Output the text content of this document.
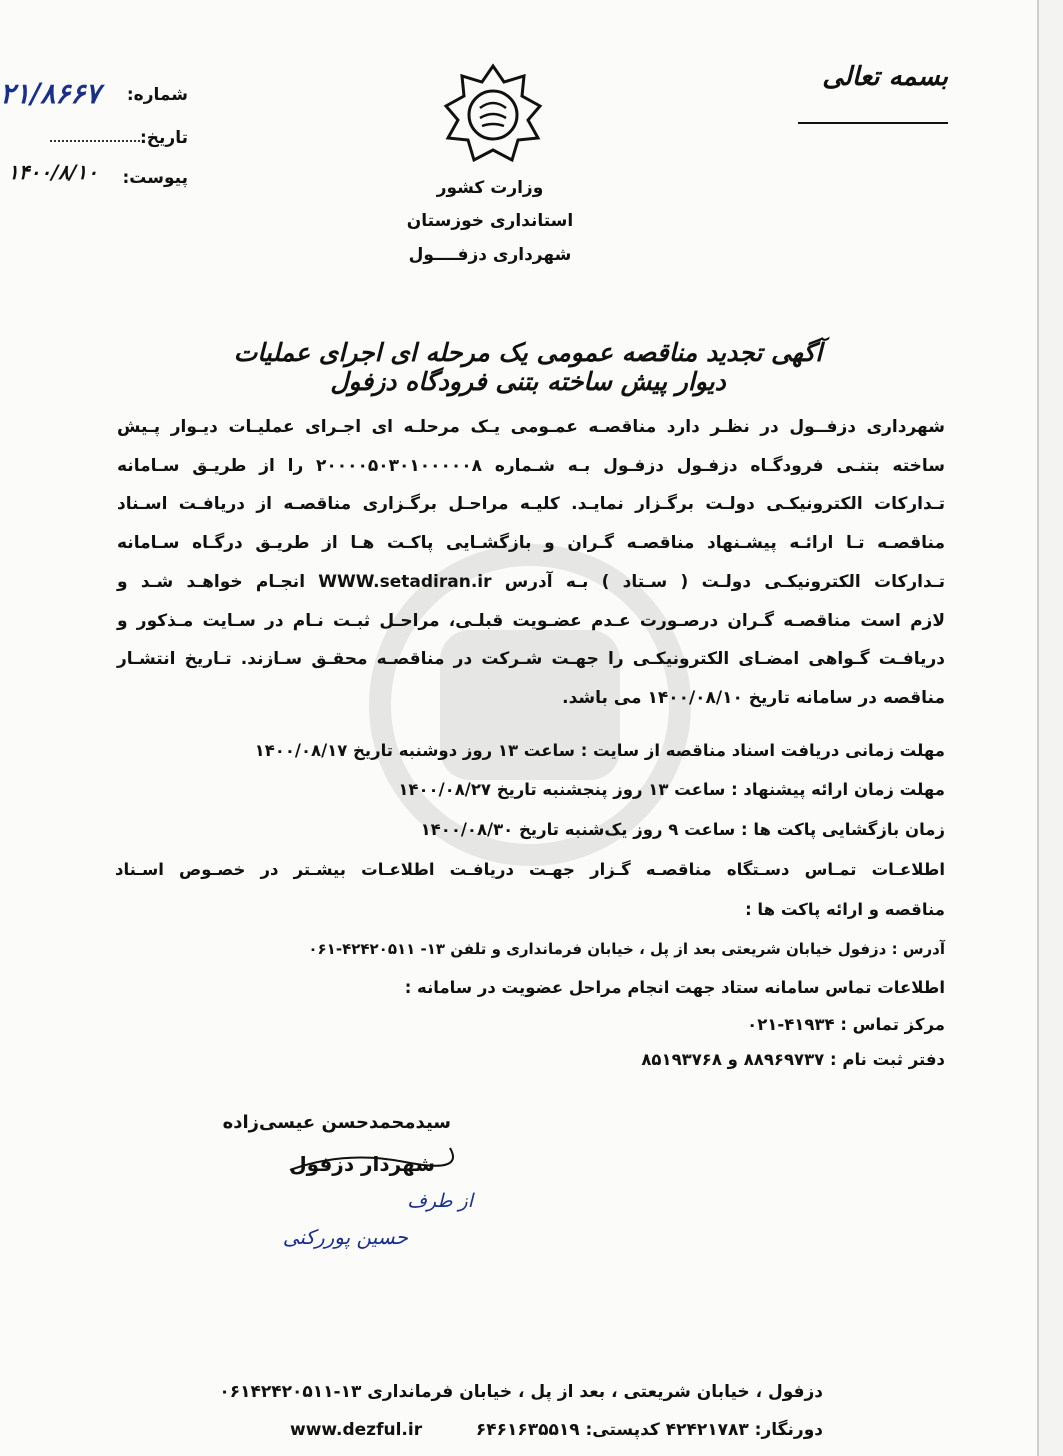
بسمه تعالی
شماره:
۲۱/۸۶۶۷
تاریخ:
پیوست:
۱۴۰۰/۸/۱۰
وزارت کشور
استانداری خوزستان
شهرداری دزفــــول
آگهی تجدید مناقصه عمومی یک مرحله ای اجرای عملیات دیوار پیش ساخته بتنی فرودگاه دزفول
شهرداری دزفــول در نظـر دارد مناقصـه عمـومی یـک مرحلـه ای اجـرای عملیـات دیـوار پـیش
ساخته بتنـی فرودگـاه دزفـول دزفـول بـه شـماره ۲۰۰۰۰۵۰۳۰۱۰۰۰۰۰۸ را از طریـق سـامانه
تـدارکات الکترونیکـی دولـت برگـزار نمایـد. کلیـه مراحـل برگـزاری مناقصـه از دریافـت اسـناد
مناقصـه تـا ارائـه پیشـنهاد مناقصـه گـران و بازگشـایی پاکـت هـا از طریـق درگـاه سـامانه
تـدارکات الکترونیکـی دولـت ( سـتاد ) بـه آدرس WWW.setadiran.ir انجـام خواهـد شـد و
لازم است مناقصـه گـران درصـورت عـدم عضـویت قبلـی، مراحـل ثبـت نـام در سـایت مـذکور و
دریافـت گـواهی امضـای الکترونیکـی را جهـت شـرکت در مناقصـه محقـق سـازند. تـاریخ انتشـار
مناقصه در سامانه تاریخ ۱۴۰۰/۰۸/۱۰ می باشد.
مهلت زمانی دریافت اسناد مناقصه از سایت : ساعت ۱۳ روز دوشنبه تاریخ ۱۴۰۰/۰۸/۱۷
مهلت زمان ارائه پیشنهاد : ساعت ۱۳ روز پنجشنبه تاریخ ۱۴۰۰/۰۸/۲۷
زمان بازگشایی پاکت ها : ساعت ۹ روز یک‌شنبه تاریخ ۱۴۰۰/۰۸/۳۰
اطلاعـات تمـاس دسـتگاه مناقصـه گـزار جهـت دریافـت اطلاعـات بیشـتر در خصـوص اسـناد
مناقصه و ارائه پاکت ها :
آدرس : دزفول خیابان شریعتی بعد از پل ، خیابان فرمانداری و تلفن ۱۳- ۴۲۴۲۰۵۱۱-۰۶۱
اطلاعات تماس سامانه ستاد جهت انجام مراحل عضویت در سامانه :
مرکز تماس : ۴۱۹۳۴-۰۲۱
دفتر ثبت نام : ۸۸۹۶۹۷۳۷ و ۸۵۱۹۳۷۶۸
سیدمحمدحسن عیسی‌زاده
شهردار دزفول
از طرف
حسین پوررکنی
دزفول ، خیابان شریعتی ، بعد از پل ، خیابان فرمانداری ۱۳-۰۶۱۴۲۴۲۰۵۱۱
دورنگار: ۴۲۴۲۱۷۸۳ کدپستی: ۶۴۶۱۶۳۵۵۱۹
www.dezful.ir
